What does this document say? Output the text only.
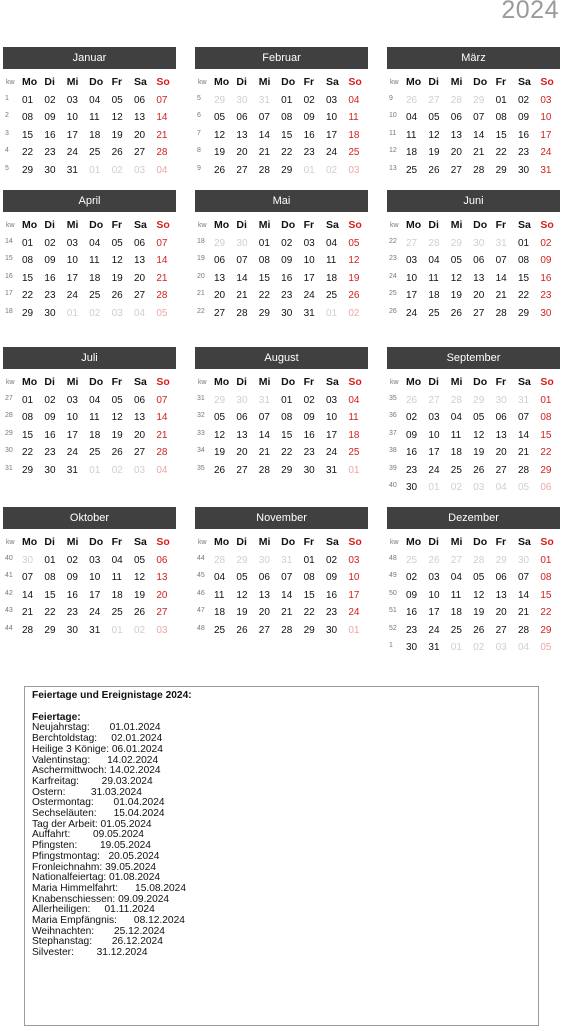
2024
Januar
kw Mo Di	Mi	Do Fr	Sa So
1	01	02	03	04	05	06	07
2	08	09	10	11	12	13	14
3	15	16	17	18	19	20	21
4	22	23	24	25	26	27	28
5	29	30	31	01	02	03	04
Februar
kw Mo Di	Mi	Do Fr	Sa So
5	29	30	31	01	02	03	04
6	05	06	07	08	09	10	11
7	12	13	14	15	16	17	18
8	19	20	21	22	23	24	25
9	26	27	28	29	01	02	03
März
kw Mo Di	Mi	Do Fr	Sa So
9	26	27	28	29	01	02	03
10 04	05	06	07	08	09	10
11 11	12	13	14	15	16	17
12 18	19	20	21	22	23	24
13 25	26	27	28	29	30	31
April
kw Mo Di	Mi	Do Fr	Sa So
14 01	02	03	04	05	06	07
15 08	09	10	11	12	13	14
16 15	16	17	18	19	20	21
17 22	23	24	25	26	27	28
18 29	30	01	02	03	04	05
Mai
kw Mo Di	Mi	Do Fr	Sa So
18 29	30	01	02	03	04	05
19 06	07	08	09	10	11	12
20 13	14	15	16	17	18	19
21 20	21	22	23	24	25	26
22 27	28	29	30	31	01	02
Juni
kw Mo Di	Mi	Do Fr	Sa So
22 27	28	29	30	31	01	02
23 03	04	05	06	07	08	09
24 10	11	12	13	14	15	16
25 17	18	19	20	21	22	23
26 24	25	26	27	28	29	30
Juli
kw Mo Di	Mi	Do Fr	Sa So
27 01	02	03	04	05	06	07
28 08	09	10	11	12	13	14
29 15	16	17	18	19	20	21
30 22	23	24	25	26	27	28
31 29	30	31	01	02	03	04
August
kw Mo Di	Mi	Do Fr	Sa So
31 29	30	31	01	02	03	04
32 05	06	07	08	09	10	11
33 12	13	14	15	16	17	18
34 19	20	21	22	23	24	25
35 26	27	28	29	30	31	01
September
kw Mo Di	Mi	Do Fr	Sa So
35 26	27	28	29	30	31	01
36 02	03	04	05	06	07	08
37 09	10	11	12	13	14	15
38 16	17	18	19	20	21	22
39 23	24	25	26	27	28	29
40 30	01	02	03	04	05	06
Oktober
kw Mo Di	Mi	Do Fr	Sa So
40 30	01	02	03	04	05	06
41 07	08	09	10	11	12	13
42 14	15	16	17	18	19	20
43 21	22	23	24	25	26	27
44 28	29	30	31	01	02	03
November
kw Mo Di	Mi	Do Fr	Sa So
44 28	29	30	31	01	02	03
45 04	05	06	07	08	09	10
46 11	12	13	14	15	16	17
47 18	19	20	21	22	23	24
48 25	26	27	28	29	30	01
Dezember
kw Mo Di	Mi	Do Fr	Sa So
48 25	26	27	28	29	30	01
49 02	03	04	05	06	07	08
50 09	10	11	12	13	14	15
51 16	17	18	19	20	21	22
52 23	24	25	26	27	28	29
1	30	31	01	02	03	04	05
Feiertage und Ereignistage 2024:
Feiertage:
Neujahrstag: 01.01.2024
Berchtoldstag: 02.01.2024
Heilige 3 Könige: 06.01.2024
Valentinstag: 14.02.2024
Aschermittwoch: 14.02.2024
Karfreitag: 29.03.2024
Ostern: 31.03.2024
Ostermontag: 01.04.2024
Sechseläuten: 15.04.2024
Tag der Arbeit: 01.05.2024
Auffahrt: 09.05.2024
Pfingsten: 19.05.2024
Pfingstmontag: 20.05.2024
Fronleichnahm: 39.05.2024
Nationalfeiertag: 01.08.2024
Maria Himmelfahrt: 15.08.2024
Knabenschiessen: 09.09.2024
Allerheiligen: 01.11.2024
Maria Empfängnis: 08.12.2024
Weihnachten: 25.12.2024
Stephanstag: 26.12.2024
Silvester: 31.12.2024
